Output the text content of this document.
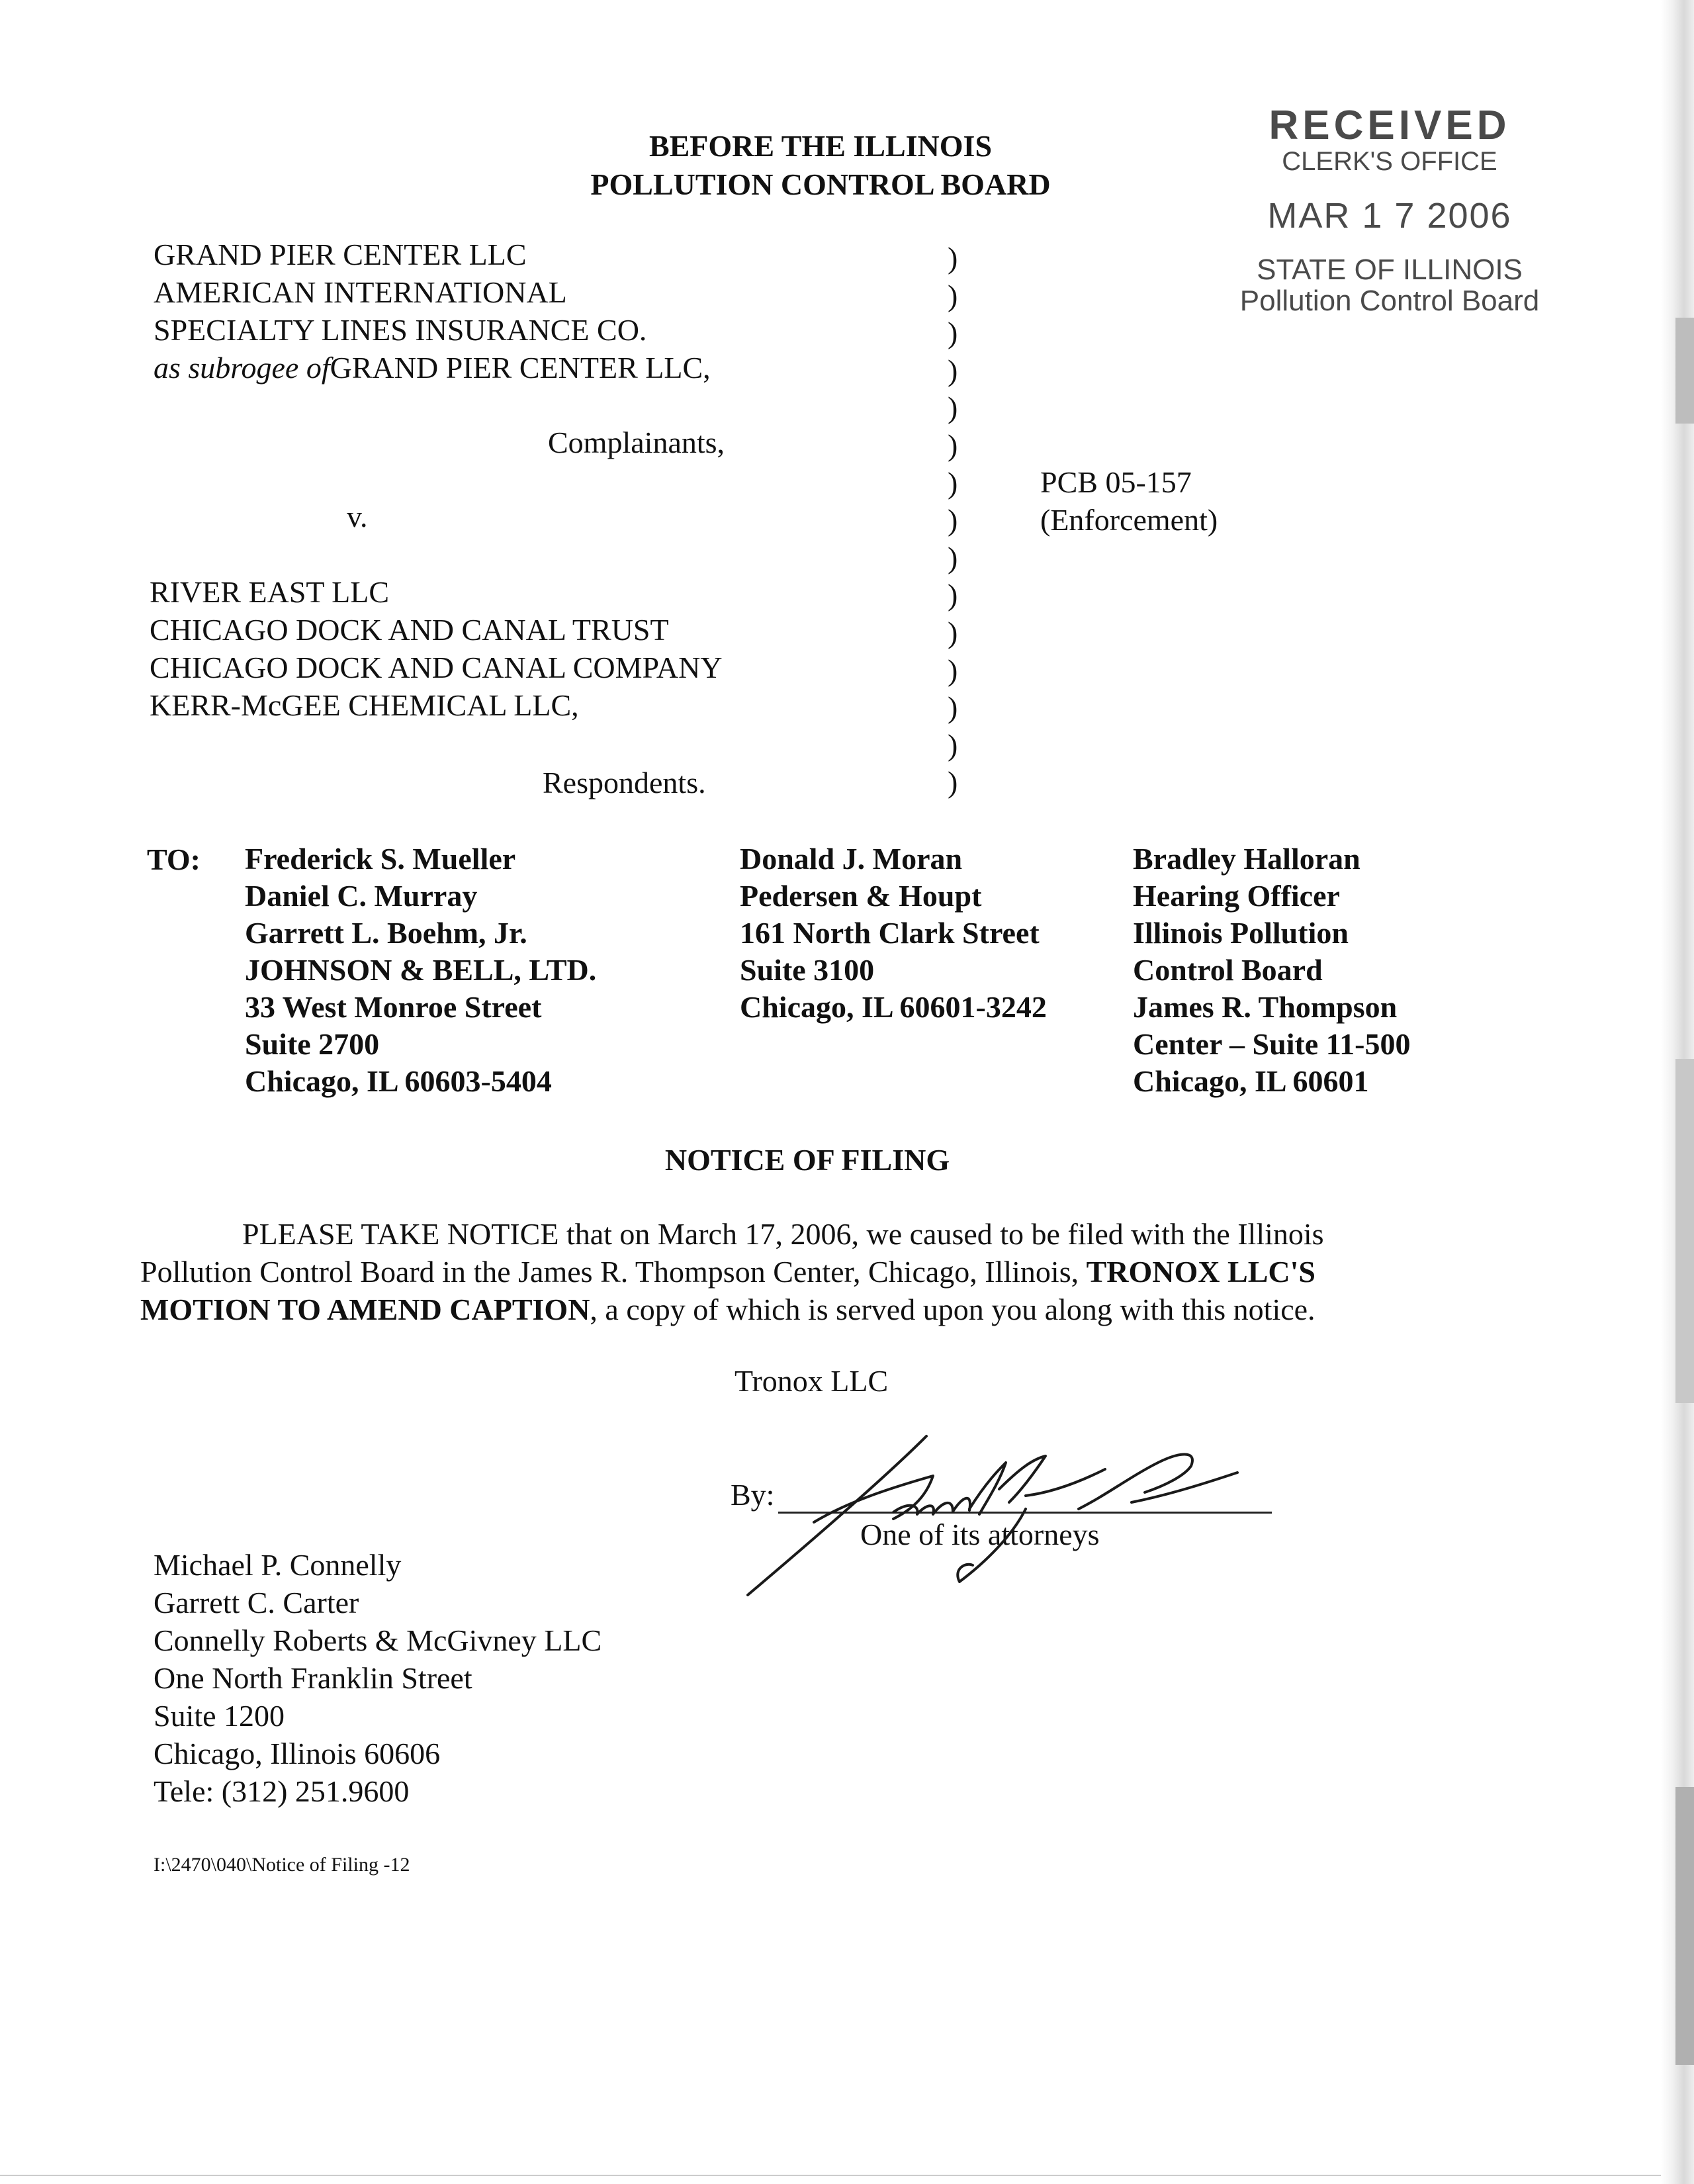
BEFORE THE ILLINOIS
POLLUTION CONTROL BOARD
RECEIVED
CLERK'S OFFICE
MAR 1 7 2006
STATE OF ILLINOIS
Pollution Control Board
GRAND PIER CENTER LLC
AMERICAN INTERNATIONAL
SPECIALTY LINES INSURANCE CO.
as subrogee ofGRAND PIER CENTER LLC,
Complainants,
v.
RIVER EAST LLC
CHICAGO DOCK AND CANAL TRUST
CHICAGO DOCK AND CANAL COMPANY
KERR-McGEE CHEMICAL LLC,
Respondents.
)
)
)
)
)
)
)
)
)
)
)
)
)
)
)
PCB 05-157
(Enforcement)
TO: Frederick S. Mueller
Daniel C. Murray
Garrett L. Boehm, Jr.
JOHNSON & BELL, LTD.
33 West Monroe Street
Suite 2700
Chicago, IL 60603-5404
Donald J. Moran
Pedersen & Houpt
161 North Clark Street
Suite 3100
Chicago, IL 60601-3242
Bradley Halloran
Hearing Officer
Illinois Pollution
Control Board
James R. Thompson
Center – Suite 11-500
Chicago, IL 60601
NOTICE OF FILING
PLEASE TAKE NOTICE that on March 17, 2006, we caused to be filed with the Illinois
Pollution Control Board in the James R. Thompson Center, Chicago, Illinois, TRONOX LLC'S
MOTION TO AMEND CAPTION, a copy of which is served upon you along with this notice.
Tronox LLC
By:
One of its attorneys
Michael P. Connelly
Garrett C. Carter
Connelly Roberts & McGivney LLC
One North Franklin Street
Suite 1200
Chicago, Illinois 60606
Tele: (312) 251.9600
I:\2470\040\Notice of Filing -12
